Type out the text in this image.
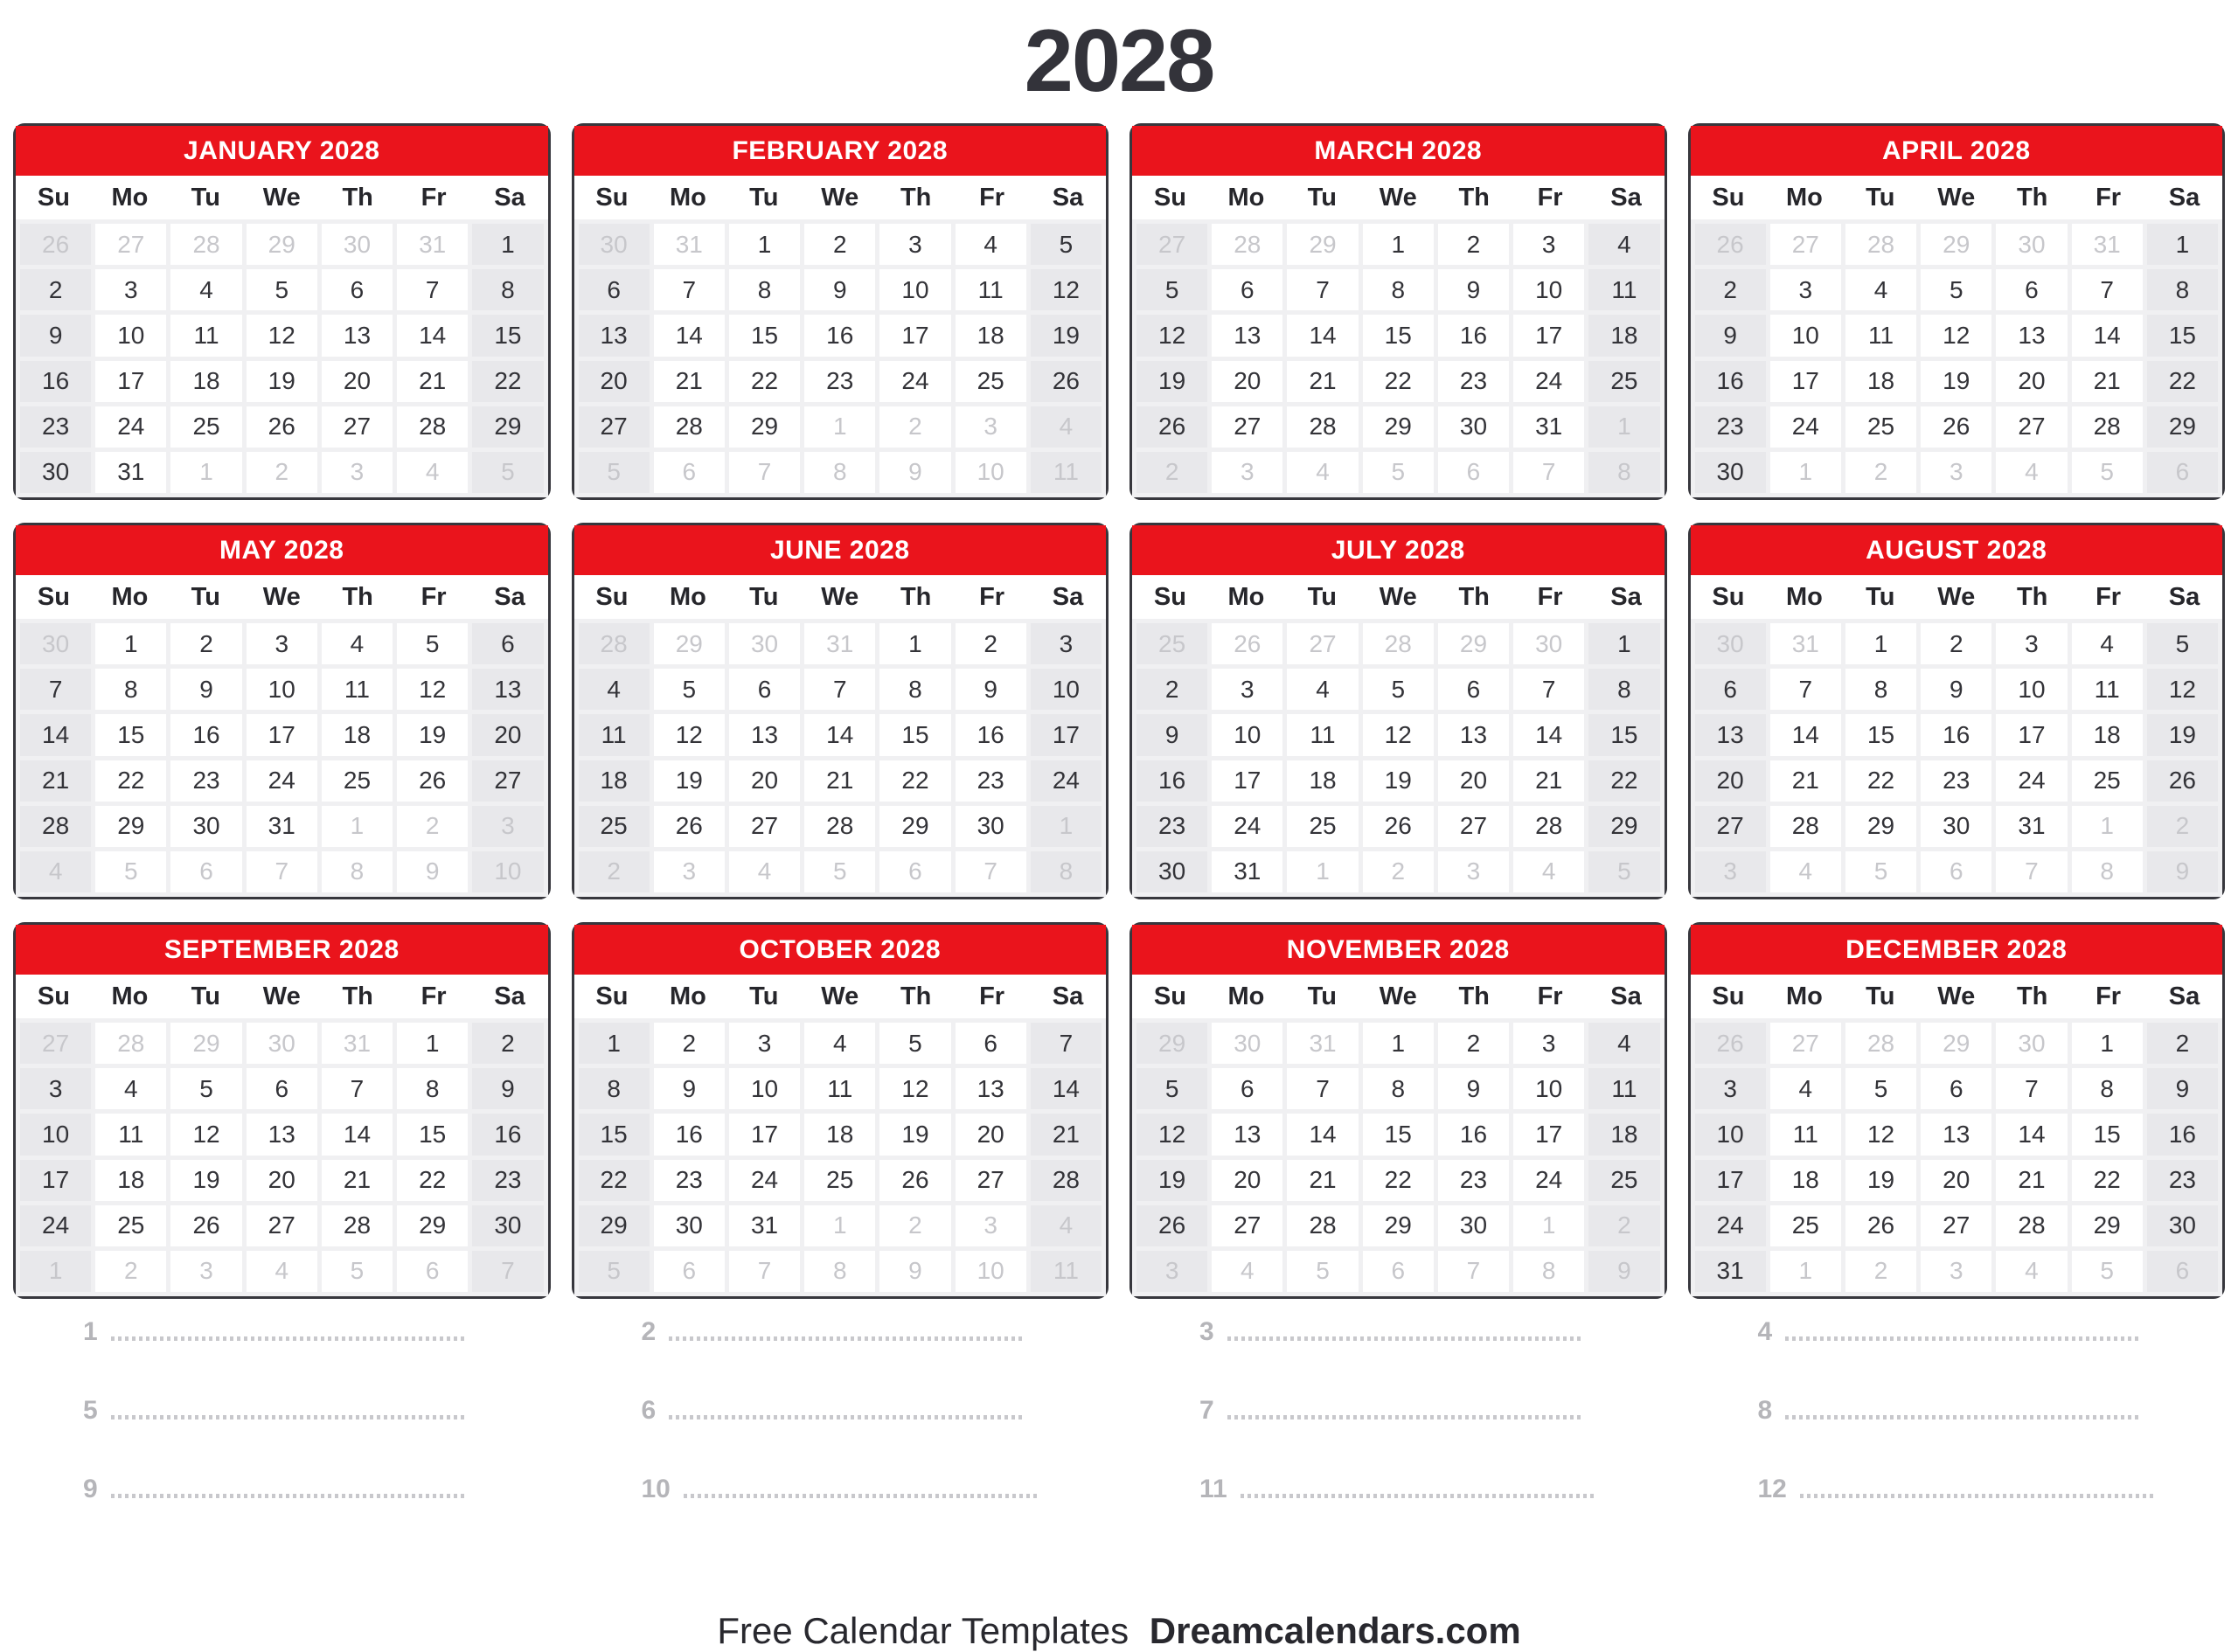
2028
JANUARY 2028
Su	Mo	Tu	We	Th	Fr	Sa
26	27	28	29	30	31	1
2	3	4	5	6	7	8
9	10	11	12	13	14	15
16	17	18	19	20	21	22
23	24	25	26	27	28	29
30	31	1	2	3	4	5
FEBRUARY 2028
Su	Mo	Tu	We	Th	Fr	Sa
30	31	1	2	3	4	5
6	7	8	9	10	11	12
13	14	15	16	17	18	19
20	21	22	23	24	25	26
27	28	29	1	2	3	4
5	6	7	8	9	10	11
MARCH 2028
Su	Mo	Tu	We	Th	Fr	Sa
27	28	29	1	2	3	4
5	6	7	8	9	10	11
12	13	14	15	16	17	18
19	20	21	22	23	24	25
26	27	28	29	30	31	1
2	3	4	5	6	7	8
APRIL 2028
Su	Mo	Tu	We	Th	Fr	Sa
26	27	28	29	30	31	1
2	3	4	5	6	7	8
9	10	11	12	13	14	15
16	17	18	19	20	21	22
23	24	25	26	27	28	29
30	1	2	3	4	5	6
MAY 2028
Su	Mo	Tu	We	Th	Fr	Sa
30	1	2	3	4	5	6
7	8	9	10	11	12	13
14	15	16	17	18	19	20
21	22	23	24	25	26	27
28	29	30	31	1	2	3
4	5	6	7	8	9	10
JUNE 2028
Su	Mo	Tu	We	Th	Fr	Sa
28	29	30	31	1	2	3
4	5	6	7	8	9	10
11	12	13	14	15	16	17
18	19	20	21	22	23	24
25	26	27	28	29	30	1
2	3	4	5	6	7	8
JULY 2028
Su	Mo	Tu	We	Th	Fr	Sa
25	26	27	28	29	30	1
2	3	4	5	6	7	8
9	10	11	12	13	14	15
16	17	18	19	20	21	22
23	24	25	26	27	28	29
30	31	1	2	3	4	5
AUGUST 2028
Su	Mo	Tu	We	Th	Fr	Sa
30	31	1	2	3	4	5
6	7	8	9	10	11	12
13	14	15	16	17	18	19
20	21	22	23	24	25	26
27	28	29	30	31	1	2
3	4	5	6	7	8	9
SEPTEMBER 2028
Su	Mo	Tu	We	Th	Fr	Sa
27	28	29	30	31	1	2
3	4	5	6	7	8	9
10	11	12	13	14	15	16
17	18	19	20	21	22	23
24	25	26	27	28	29	30
1	2	3	4	5	6	7
OCTOBER 2028
Su	Mo	Tu	We	Th	Fr	Sa
1	2	3	4	5	6	7
8	9	10	11	12	13	14
15	16	17	18	19	20	21
22	23	24	25	26	27	28
29	30	31	1	2	3	4
5	6	7	8	9	10	11
NOVEMBER 2028
Su	Mo	Tu	We	Th	Fr	Sa
29	30	31	1	2	3	4
5	6	7	8	9	10	11
12	13	14	15	16	17	18
19	20	21	22	23	24	25
26	27	28	29	30	1	2
3	4	5	6	7	8	9
DECEMBER 2028
Su	Mo	Tu	We	Th	Fr	Sa
26	27	28	29	30	1	2
3	4	5	6	7	8	9
10	11	12	13	14	15	16
17	18	19	20	21	22	23
24	25	26	27	28	29	30
31	1	2	3	4	5	6
1	2	3	4
5	6	7	8
9	10	11	12
Free Calendar Templates Dreamcalendars.com
